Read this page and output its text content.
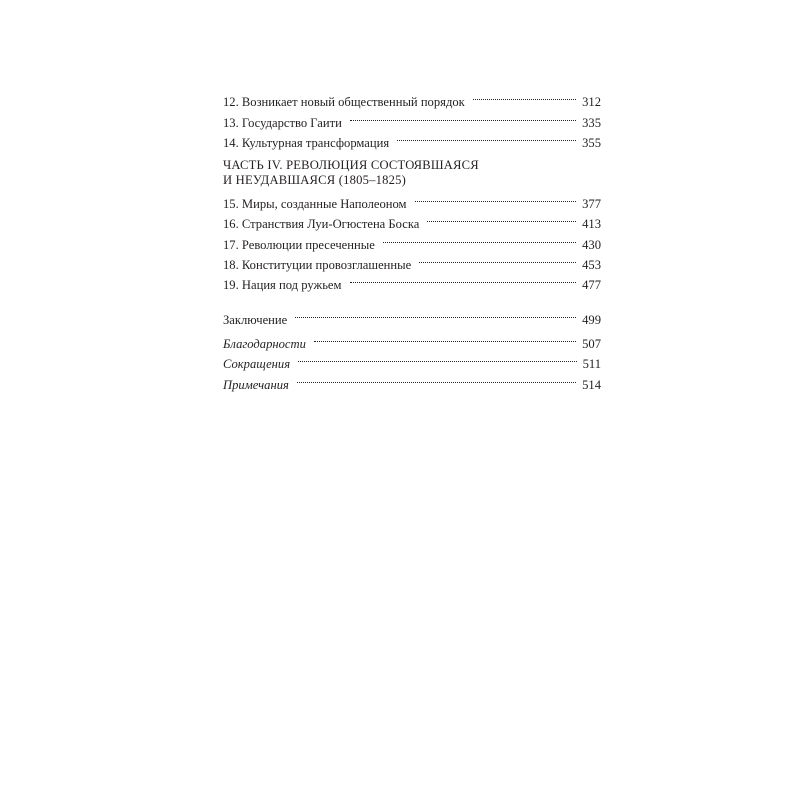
12. Возникает новый общественный порядок	312
13. Государство Гаити	335
14. Культурная трансформация	355
ЧАСТЬ IV. РЕВОЛЮЦИЯ СОСТОЯВШАЯСЯ
И НЕУДАВШАЯСЯ (1805–1825)
15. Миры, созданные Наполеоном	377
16. Странствия Луи-Огюстена Боска	413
17. Революции пресеченные	430
18. Конституции провозглашенные	453
19. Нация под ружьем	477
Заключение	499
Благодарности	507
Сокращения	511
Примечания	514
